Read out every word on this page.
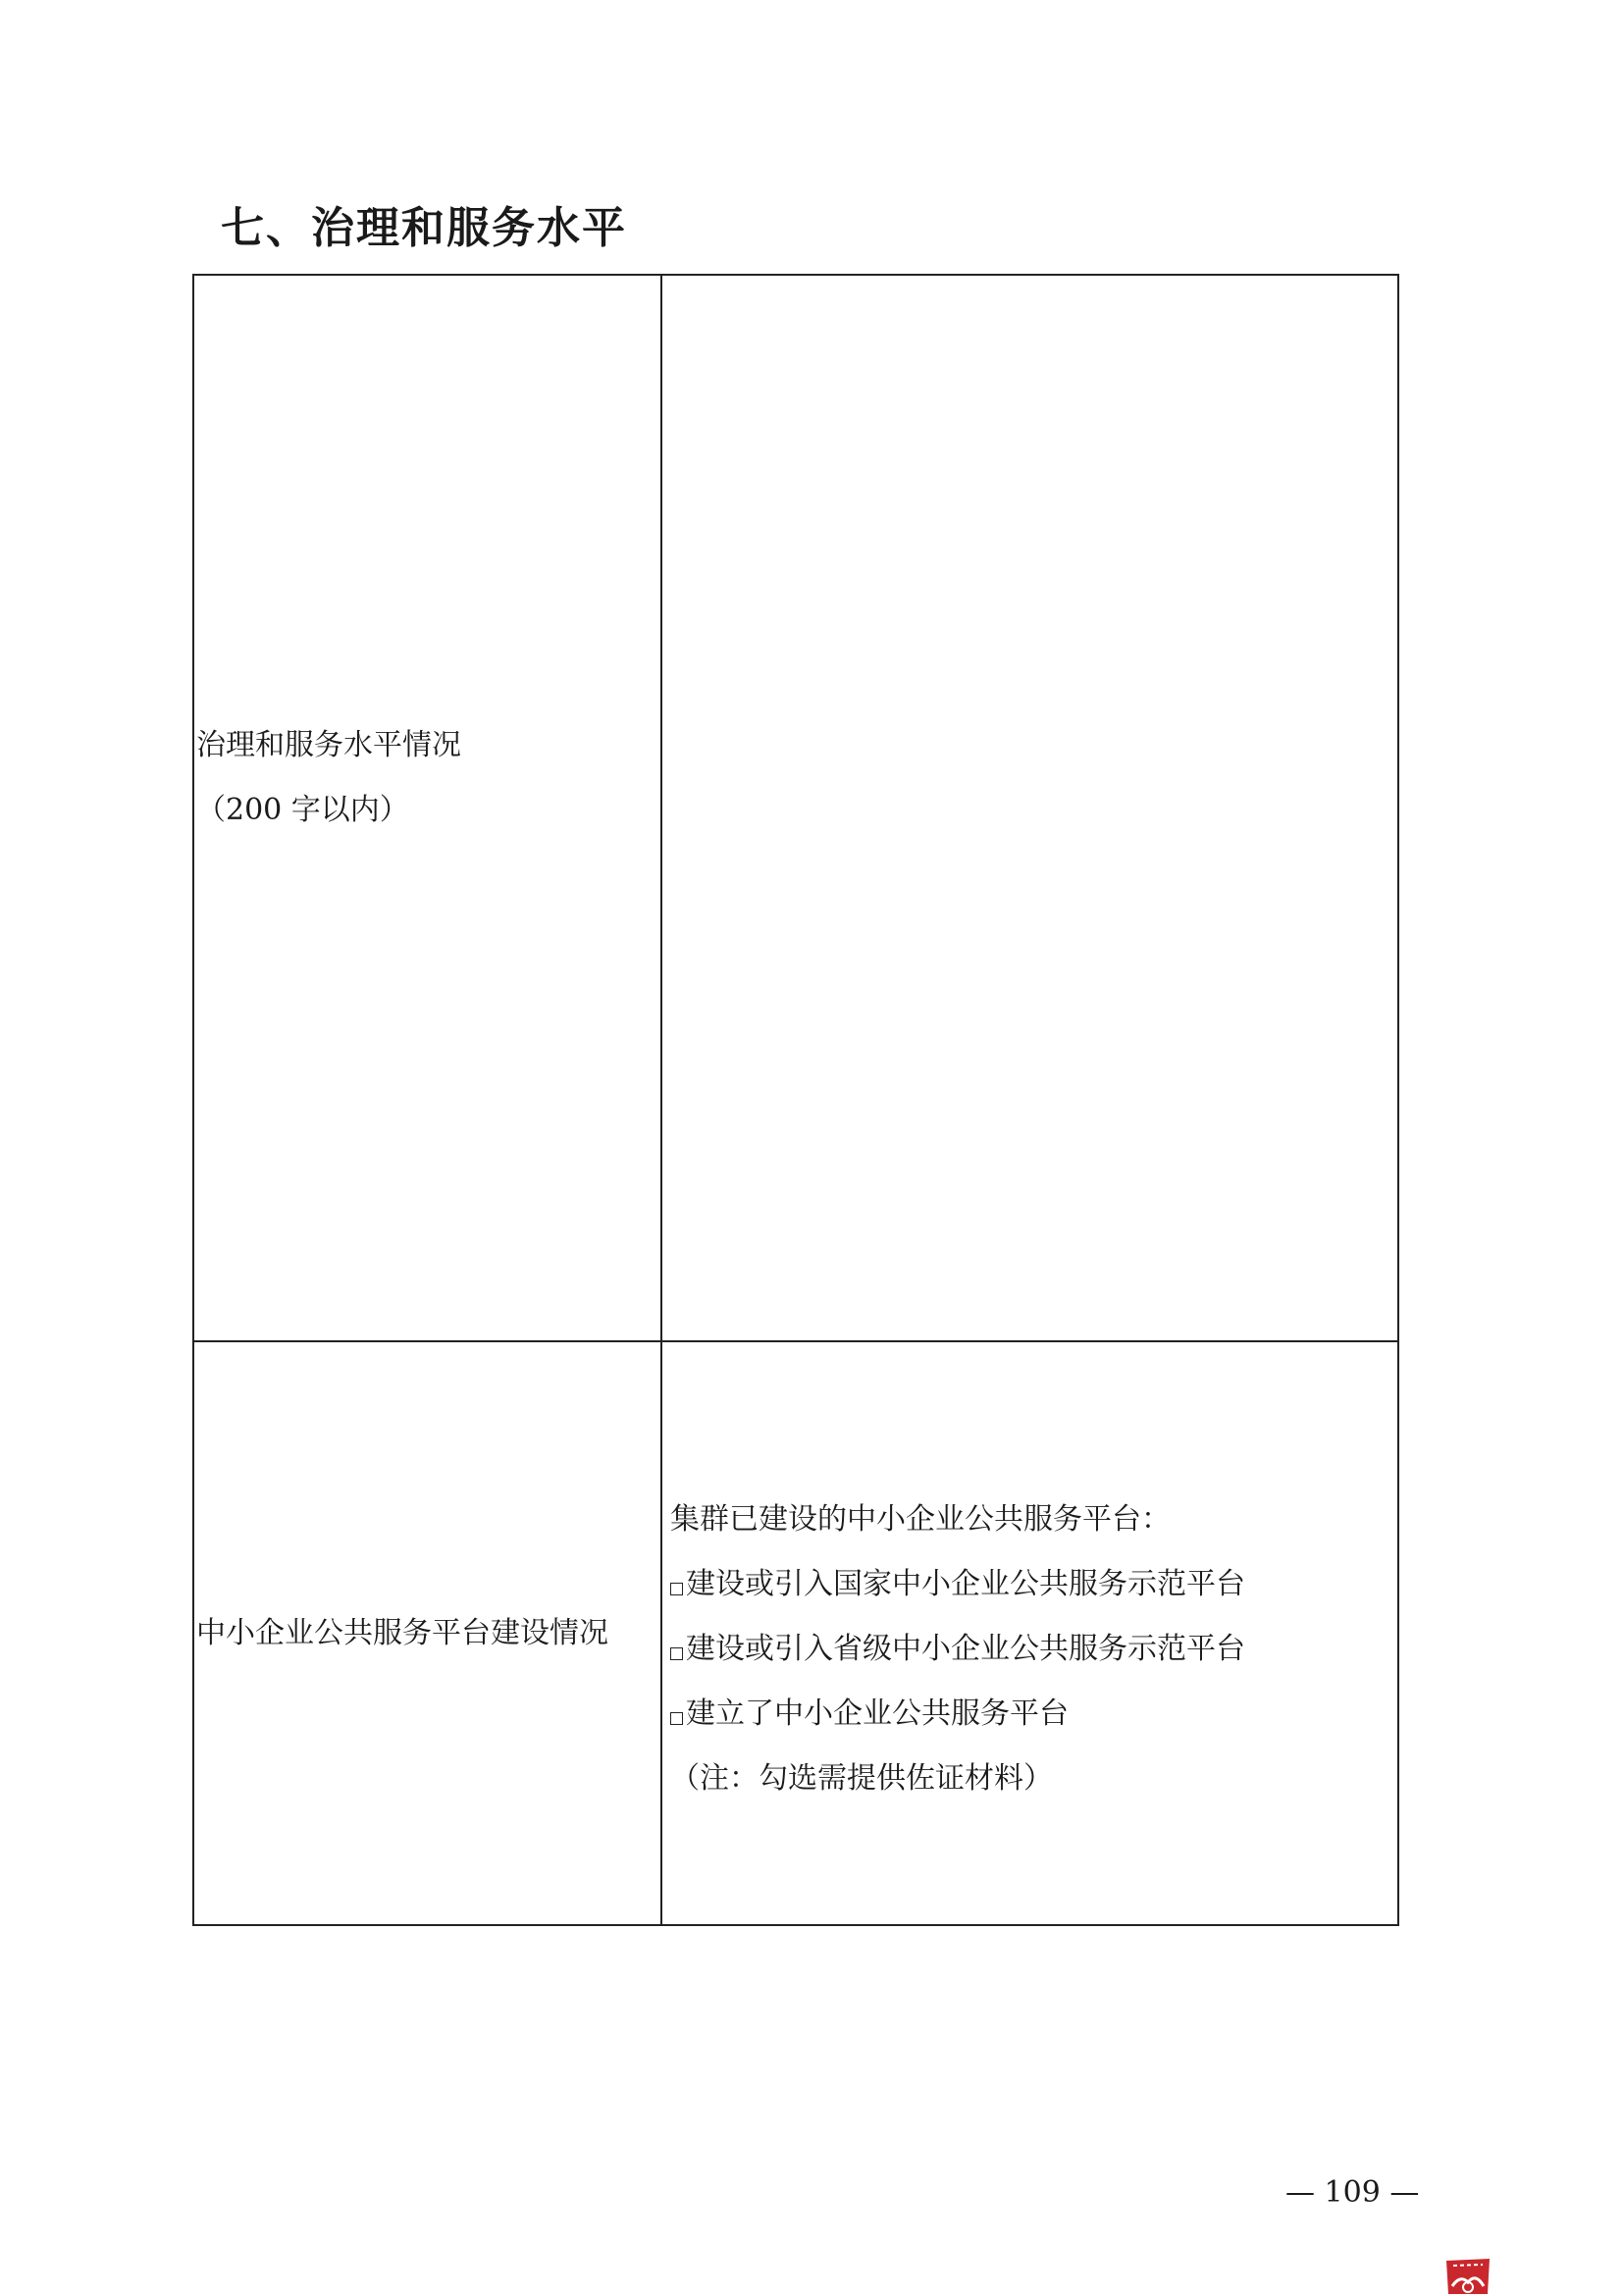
七、治理和服务水平
治理和服务水平情况
（200 字以内）
中小企业公共服务平台建设情况
集群已建设的中小企业公共服务平台：
建设或引入国家中小企业公共服务示范平台
建设或引入省级中小企业公共服务示范平台
建立了中小企业公共服务平台
（注：勾选需提供佐证材料）
— 109 —
